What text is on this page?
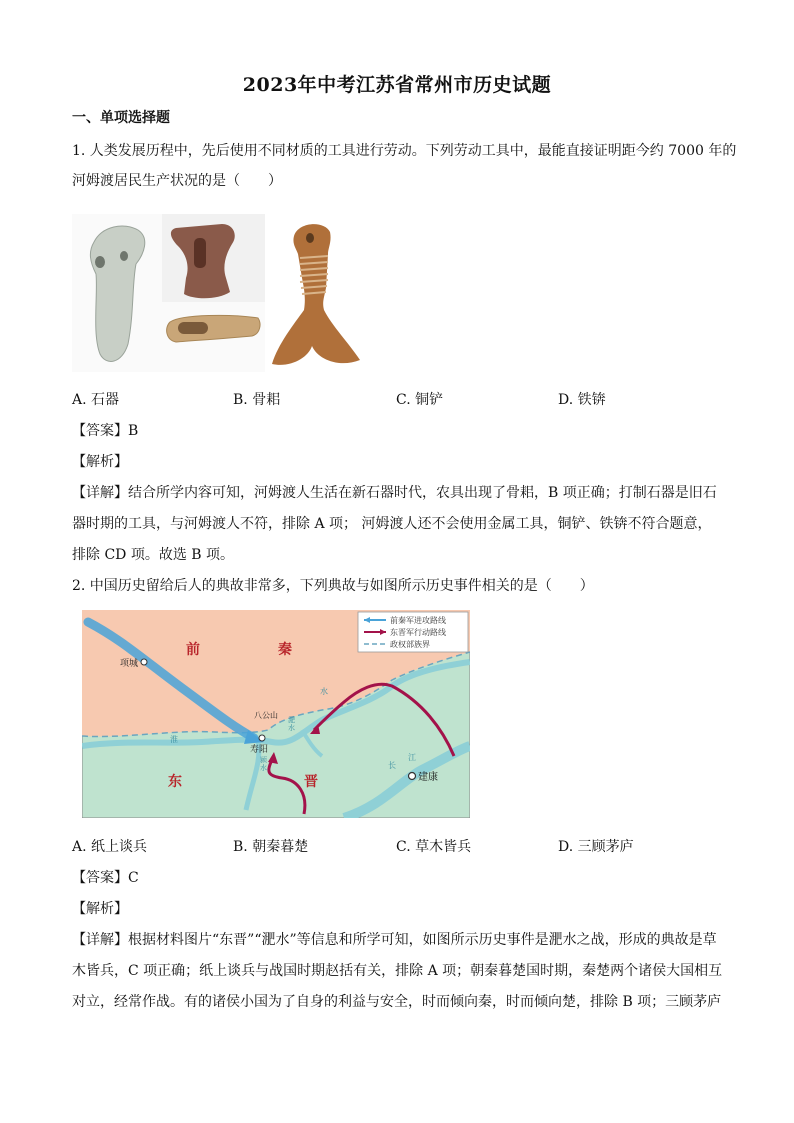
2023年中考江苏省常州市历史试题
一、单项选择题
1. 人类发展历程中，先后使用不同材质的工具进行劳动。下列劳动工具中，最能直接证明距今约 7000 年的
河姆渡居民生产状况的是（　　）
A. 石器	B. 骨耜	C. 铜铲	D. 铁锛
【答案】B
【解析】
【详解】结合所学内容可知，河姆渡人生活在新石器时代，农具出现了骨耜，B 项正确；打制石器是旧石
器时期的工具，与河姆渡人不符，排除 A 项； 河姆渡人还不会使用金属工具，铜铲、铁锛不符合题意，
排除 CD 项。故选 B 项。
2. 中国历史留给后人的典故非常多，下列典故与如图所示历史事件相关的是（　　）
前秦军进攻路线
东晋军行动路线
政权部族界
前	秦
东	晋
项城
八公山
寿阳
建康
淮
水
淝
水
颍
水	长
江
A. 纸上谈兵	B. 朝秦暮楚	C. 草木皆兵	D. 三顾茅庐
【答案】C
【解析】
【详解】根据材料图片“东晋”“淝水”等信息和所学可知，如图所示历史事件是淝水之战，形成的典故是草
木皆兵，C 项正确；纸上谈兵与战国时期赵括有关，排除 A 项；朝秦暮楚国时期，秦楚两个诸侯大国相互
对立，经常作战。有的诸侯小国为了自身的利益与安全，时而倾向秦，时而倾向楚，排除 B 项；三顾茅庐
